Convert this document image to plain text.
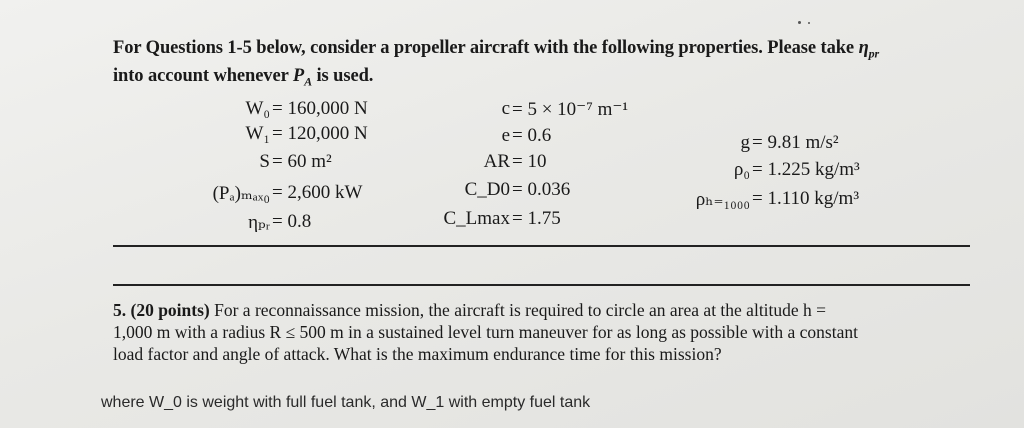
For Questions 1-5 below, consider a propeller aircraft with the following properties. Please take $\eta_{pr}$
into account whenever $P_A$ is used.
W₀ = 160,000 N
W₁ = 120,000 N
S = 60 m²
(Pₐ)ₘₐₓ₀ = 2,600 kW
ηₚᵣ = 0.8
c = 5 × 10⁻⁷ m⁻¹
e = 0.6
AR = 10
C_D0 = 0.036
C_Lmax = 1.75
g = 9.81 m/s²
ρ₀ = 1.225 kg/m³
ρₕ₌₁₀₀₀ = 1.110 kg/m³
5. (20 points) For a reconnaissance mission, the aircraft is required to circle an area at the altitude h =
1,000 m with a radius R ≤ 500 m in a sustained level turn maneuver for as long as possible with a constant
load factor and angle of attack. What is the maximum endurance time for this mission?
where W_0 is weight with full fuel tank, and W_1 with empty fuel tank
